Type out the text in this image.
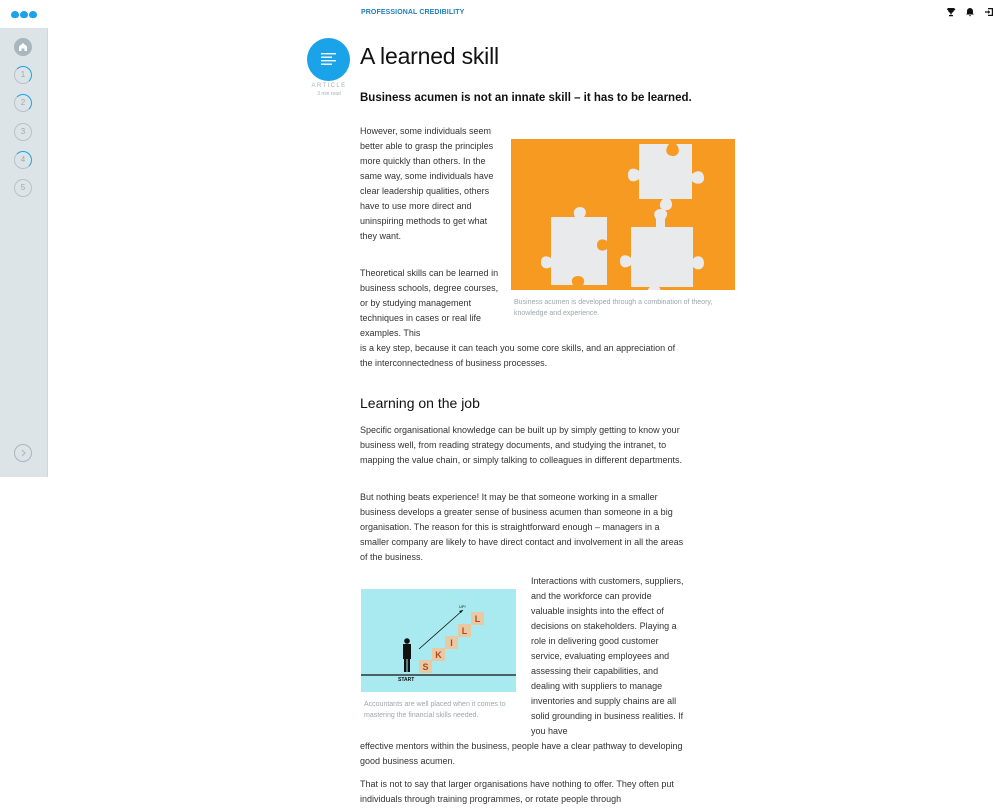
PROFESSIONAL CREDIBILITY
1
2
3
4
5
ARTICLE
3 min read
A learned skill

Business acumen is not an innate skill – it has to be learned.

However, some individuals seem better able to grasp the principles more quickly than others. In the same way, some individuals have clear leadership qualities, others have to use more direct and uninspiring methods to get what they want.

Theoretical skills can be learned in business schools, degree courses, or by studying management techniques in cases or real life examples. This

is a key step, because it can teach you some core skills, and an appreciation of the interconnectedness of business processes.

Business acumen is developed through a combination of theory, knowledge and experience.

Learning on the job

Specific organisational knowledge can be built up by simply getting to know your business well, from reading strategy documents, and studying the intranet, to mapping the value chain, or simply talking to colleagues in different departments.

But nothing beats experience! It may be that someone working in a smaller business develops a greater sense of business acumen than someone in a big organisation. The reason for this is straightforward enough – managers in a smaller company are likely to have direct contact and involvement in all the areas of the business.

START
UP!
S
K
I
L
L

Accountants are well placed when it comes to mastering the financial skills needed.

Interactions with customers, suppliers, and the workforce can provide valuable insights into the effect of decisions on stakeholders. Playing a role in delivering good customer service, evaluating employees and assessing their capabilities, and dealing with suppliers to manage inventories and supply chains are all solid grounding in business realities. If you have

effective mentors within the business, people have a clear pathway to developing good business acumen.

That is not to say that larger organisations have nothing to offer. They often put individuals through training programmes, or rotate people through
